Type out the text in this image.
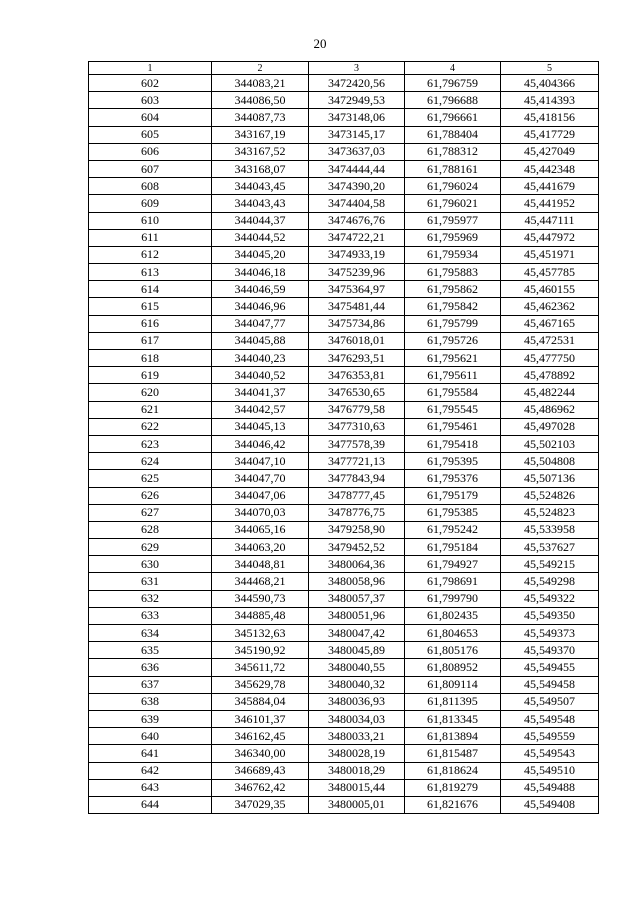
20
1	2	3	4	5
602	344083,21	3472420,56	61,796759	45,404366
603	344086,50	3472949,53	61,796688	45,414393
604	344087,73	3473148,06	61,796661	45,418156
605	343167,19	3473145,17	61,788404	45,417729
606	343167,52	3473637,03	61,788312	45,427049
607	343168,07	3474444,44	61,788161	45,442348
608	344043,45	3474390,20	61,796024	45,441679
609	344043,43	3474404,58	61,796021	45,441952
610	344044,37	3474676,76	61,795977	45,447111
611	344044,52	3474722,21	61,795969	45,447972
612	344045,20	3474933,19	61,795934	45,451971
613	344046,18	3475239,96	61,795883	45,457785
614	344046,59	3475364,97	61,795862	45,460155
615	344046,96	3475481,44	61,795842	45,462362
616	344047,77	3475734,86	61,795799	45,467165
617	344045,88	3476018,01	61,795726	45,472531
618	344040,23	3476293,51	61,795621	45,477750
619	344040,52	3476353,81	61,795611	45,478892
620	344041,37	3476530,65	61,795584	45,482244
621	344042,57	3476779,58	61,795545	45,486962
622	344045,13	3477310,63	61,795461	45,497028
623	344046,42	3477578,39	61,795418	45,502103
624	344047,10	3477721,13	61,795395	45,504808
625	344047,70	3477843,94	61,795376	45,507136
626	344047,06	3478777,45	61,795179	45,524826
627	344070,03	3478776,75	61,795385	45,524823
628	344065,16	3479258,90	61,795242	45,533958
629	344063,20	3479452,52	61,795184	45,537627
630	344048,81	3480064,36	61,794927	45,549215
631	344468,21	3480058,96	61,798691	45,549298
632	344590,73	3480057,37	61,799790	45,549322
633	344885,48	3480051,96	61,802435	45,549350
634	345132,63	3480047,42	61,804653	45,549373
635	345190,92	3480045,89	61,805176	45,549370
636	345611,72	3480040,55	61,808952	45,549455
637	345629,78	3480040,32	61,809114	45,549458
638	345884,04	3480036,93	61,811395	45,549507
639	346101,37	3480034,03	61,813345	45,549548
640	346162,45	3480033,21	61,813894	45,549559
641	346340,00	3480028,19	61,815487	45,549543
642	346689,43	3480018,29	61,818624	45,549510
643	346762,42	3480015,44	61,819279	45,549488
644	347029,35	3480005,01	61,821676	45,549408
